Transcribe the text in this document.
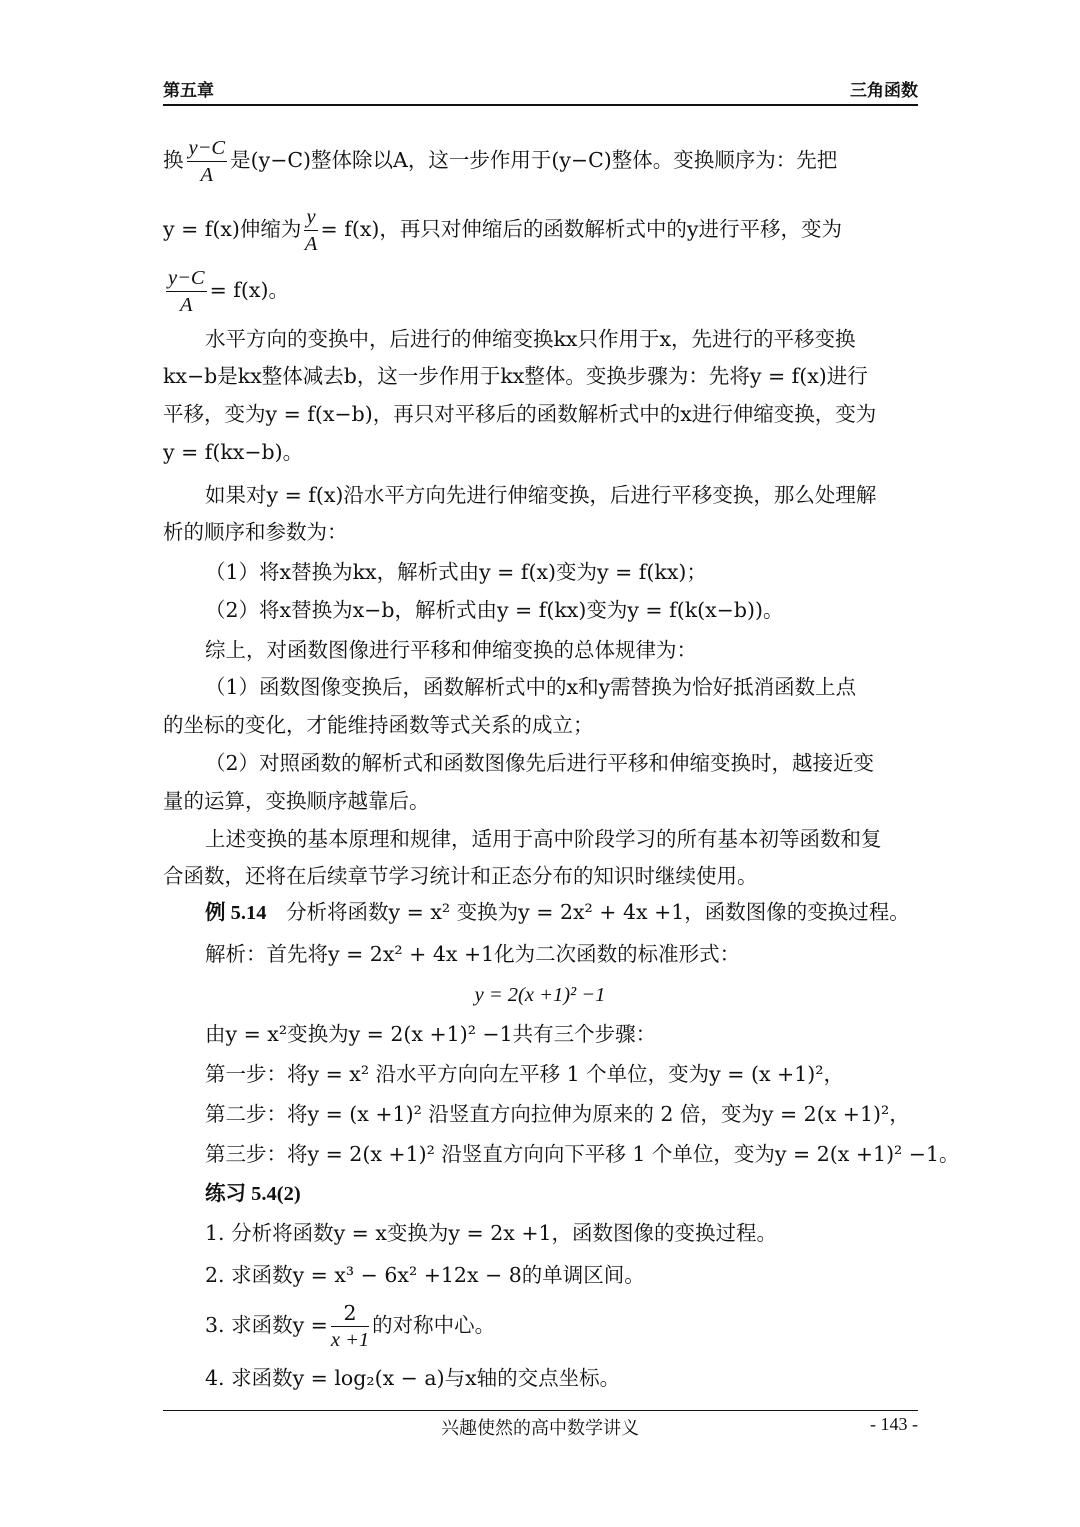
第五章	三角函数
换 $\frac{y-C}{A}$ 是(y−C)整体除以A，这一步作用于(y−C)整体。变换顺序为：先把
y = f(x)伸缩为 $\frac{y}{A} = f(x)$，再只对伸缩后的函数解析式中的y进行平移，变为
$\frac{y-C}{A} = f(x)$。
水平方向的变换中，后进行的伸缩变换kx只作用于x，先进行的平移变换
kx−b是kx整体减去b，这一步作用于kx整体。变换步骤为：先将y = f(x)进行
平移，变为y = f(x−b)，再只对平移后的函数解析式中的x进行伸缩变换，变为
y = f(kx−b)。
如果对y = f(x)沿水平方向先进行伸缩变换，后进行平移变换，那么处理解
析的顺序和参数为：
（1）将x替换为kx，解析式由y = f(x)变为y = f(kx)；
（2）将x替换为x−b，解析式由y = f(kx)变为y = f(k(x−b))。
综上，对函数图像进行平移和伸缩变换的总体规律为：
（1）函数图像变换后，函数解析式中的x和y需替换为恰好抵消函数上点
的坐标的变化，才能维持函数等式关系的成立；
（2）对照函数的解析式和函数图像先后进行平移和伸缩变换时，越接近变
量的运算，变换顺序越靠后。
上述变换的基本原理和规律，适用于高中阶段学习的所有基本初等函数和复
合函数，还将在后续章节学习统计和正态分布的知识时继续使用。
例 5.14 分析将函数y = x² 变换为y = 2x² + 4x +1，函数图像的变换过程。
解析：首先将y = 2x² + 4x +1化为二次函数的标准形式：
y = 2(x +1)² −1
由y = x²变换为y = 2(x +1)² −1共有三个步骤：
第一步：将y = x² 沿水平方向向左平移 1 个单位，变为y = (x +1)²，
第二步：将y = (x +1)² 沿竖直方向拉伸为原来的 2 倍，变为y = 2(x +1)²，
第三步：将y = 2(x +1)² 沿竖直方向向下平移 1 个单位，变为y = 2(x +1)² −1。
练习 5.4(2)
1. 分析将函数y = x变换为y = 2x +1，函数图像的变换过程。
2. 求函数y = x³ − 6x² +12x − 8的单调区间。
3. 求函数$y = \frac{2}{x +1}$ 的对称中心。
4. 求函数y = log₂(x − a)与x轴的交点坐标。
兴趣使然的高中数学讲义	- 143 -
